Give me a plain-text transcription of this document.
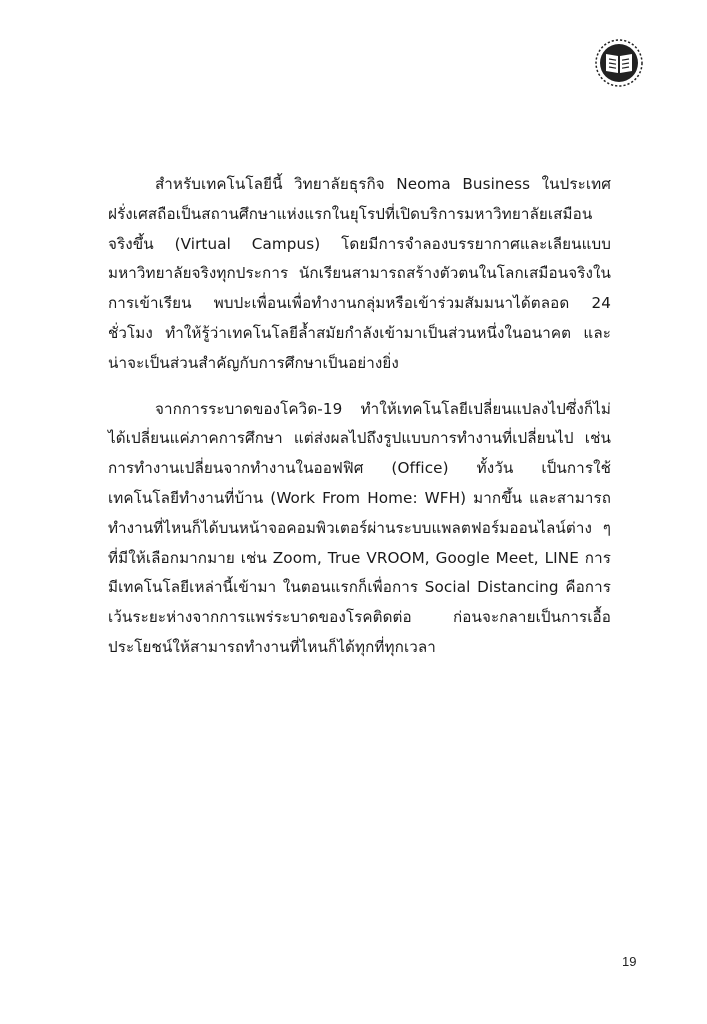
สำหรับเทคโนโลยีนี้ วิทยาลัยธุรกิจ Neoma Business ในประเทศฝรั่งเศสถือเป็นสถานศึกษาแห่งแรกในยุโรปที่เปิดบริการมหาวิทยาลัยเสมือนจริงขึ้น (Virtual Campus) โดยมีการจำลองบรรยากาศและเลียนแบบมหาวิทยาลัยจริงทุกประการ นักเรียนสามารถสร้างตัวตนในโลกเสมือนจริงในการเข้าเรียน พบปะเพื่อนเพื่อทำงานกลุ่มหรือเข้าร่วมสัมมนาได้ตลอด 24 ชั่วโมง ทำให้รู้ว่าเทคโนโลยีล้ำสมัยกำลังเข้ามาเป็นส่วนหนึ่งในอนาคต และน่าจะเป็นส่วนสำคัญกับการศึกษาเป็นอย่างยิ่ง

จากการระบาดของโควิด-19 ทำให้เทคโนโลยีเปลี่ยนแปลงไปซึ่งก็ไม่ได้เปลี่ยนแค่ภาคการศึกษา แต่ส่งผลไปถึงรูปแบบการทำงานที่เปลี่ยนไป เช่น การทำงานเปลี่ยนจากทำงานในออฟฟิศ (Office) ทั้งวัน เป็นการใช้เทคโนโลยีทำงานที่บ้าน (Work From Home: WFH) มากขึ้น และสามารถทำงานที่ไหนก็ได้บนหน้าจอคอมพิวเตอร์ผ่านระบบแพลตฟอร์มออนไลน์ต่าง ๆ ที่มีให้เลือกมากมาย เช่น Zoom, True VROOM, Google Meet, LINE การมีเทคโนโลยีเหล่านี้เข้ามา ในตอนแรกก็เพื่อการ Social Distancing คือการเว้นระยะห่างจากการแพร่ระบาดของโรคติดต่อ ก่อนจะกลายเป็นการเอื้อประโยชน์ให้สามารถทำงานที่ไหนก็ได้ทุกที่ทุกเวลา

19
